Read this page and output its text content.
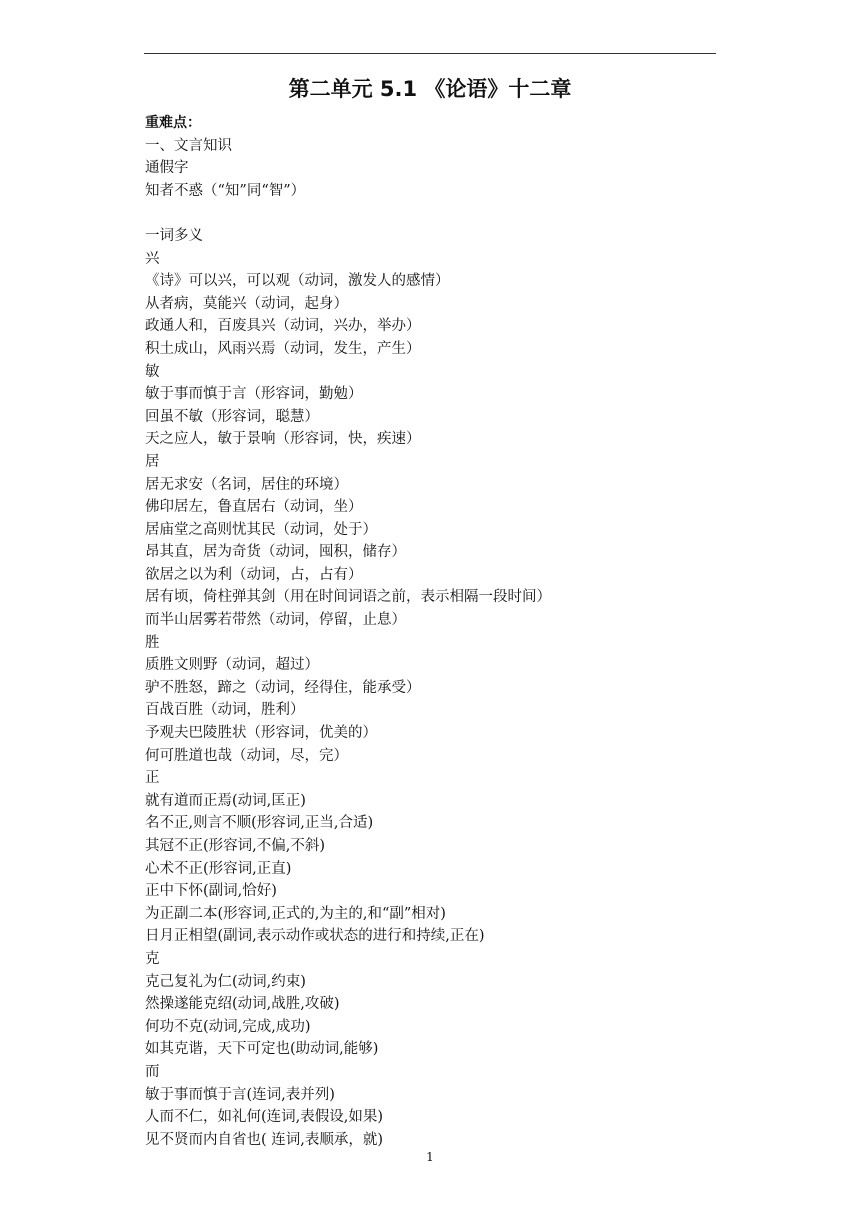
第二单元 5.1 《论语》十二章
重难点：
一、文言知识
通假字
知者不惑（“知”同“智”）
一词多义
兴
《诗》可以兴，可以观（动词，激发人的感情）
从者病，莫能兴（动词，起身）
政通人和，百废具兴（动词，兴办，举办）
积土成山，风雨兴焉（动词，发生，产生）
敏
敏于事而慎于言（形容词，勤勉）
回虽不敏（形容词，聪慧）
天之应人，敏于景响（形容词，快，疾速）
居
居无求安（名词，居住的环境）
佛印居左，鲁直居右（动词，坐）
居庙堂之高则忧其民（动词，处于）
昂其直，居为奇货（动词，囤积，储存）
欲居之以为利（动词，占，占有）
居有顷，倚柱弹其剑（用在时间词语之前，表示相隔一段时间）
而半山居雾若带然（动词，停留，止息）
胜
质胜文则野（动词，超过）
驴不胜怒，蹄之（动词，经得住，能承受）
百战百胜（动词，胜利）
予观夫巴陵胜状（形容词，优美的）
何可胜道也哉（动词，尽，完）
正
就有道而正焉(动词,匡正)
名不正,则言不顺(形容词,正当,合适)
其冠不正(形容词,不偏,不斜)
心术不正(形容词,正直)
正中下怀(副词,恰好)
为正副二本(形容词,正式的,为主的,和“副”相对)
日月正相望(副词,表示动作或状态的进行和持续,正在)
克
克己复礼为仁(动词,约束)
然操遂能克绍(动词,战胜,攻破)
何功不克(动词,完成,成功)
如其克谐，天下可定也(助动词,能够)
而
敏于事而慎于言(连词,表并列)
人而不仁，如礼何(连词,表假设,如果)
见不贤而内自省也( 连词,表顺承，就)
1
